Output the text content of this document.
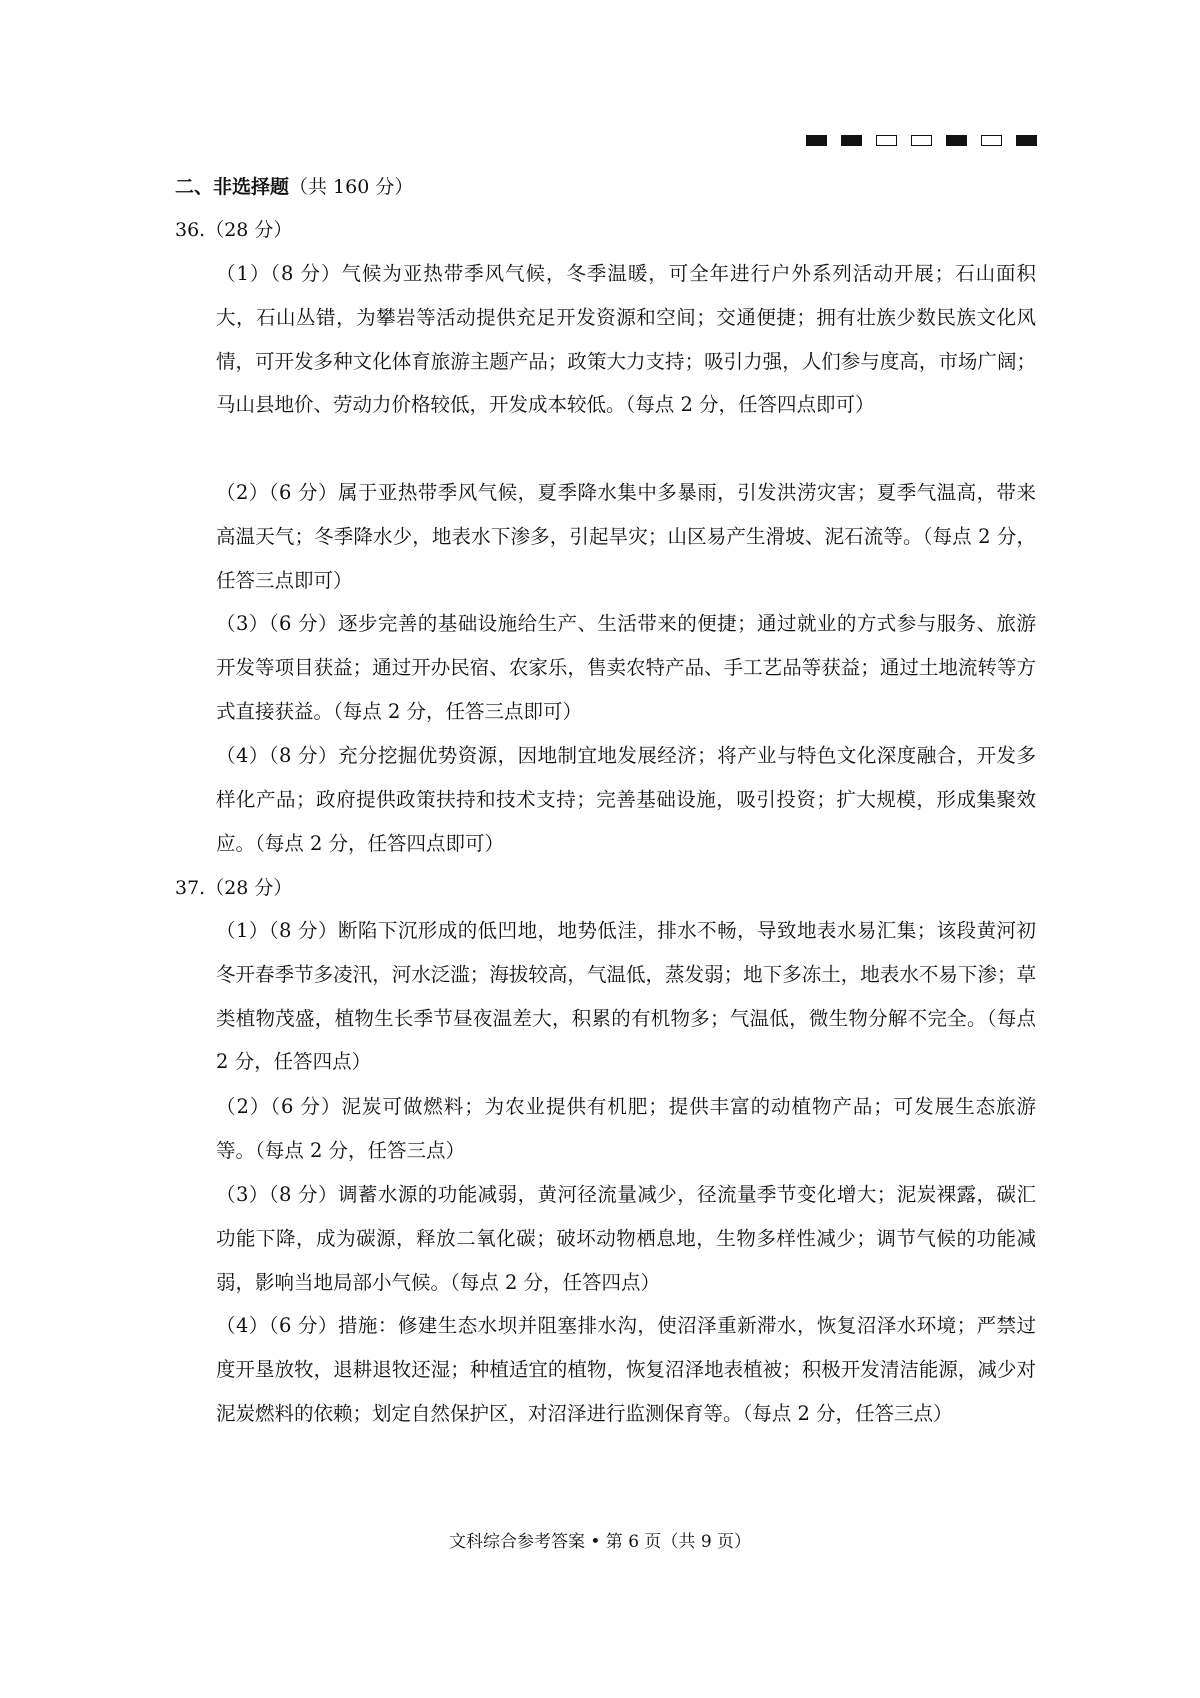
二、非选择题（共 160 分）
36.（28 分）

（1）（8 分）气候为亚热带季风气候，冬季温暖，可全年进行户外系列活动开展；石山面积大，石山丛错，为攀岩等活动提供充足开发资源和空间；交通便捷；拥有壮族少数民族文化风情，可开发多种文化体育旅游主题产品；政策大力支持；吸引力强，人们参与度高，市场广阔；马山县地价、劳动力价格较低，开发成本较低。（每点 2 分，任答四点即可）

（2）（6 分）属于亚热带季风气候，夏季降水集中多暴雨，引发洪涝灾害；夏季气温高，带来高温天气；冬季降水少，地表水下渗多，引起旱灾；山区易产生滑坡、泥石流等。（每点 2 分，任答三点即可）

（3）（6 分）逐步完善的基础设施给生产、生活带来的便捷；通过就业的方式参与服务、旅游开发等项目获益；通过开办民宿、农家乐，售卖农特产品、手工艺品等获益；通过土地流转等方式直接获益。（每点 2 分，任答三点即可）

（4）（8 分）充分挖掘优势资源，因地制宜地发展经济；将产业与特色文化深度融合，开发多样化产品；政府提供政策扶持和技术支持；完善基础设施，吸引投资；扩大规模，形成集聚效应。（每点 2 分，任答四点即可）

37.（28 分）

（1）（8 分）断陷下沉形成的低凹地，地势低洼，排水不畅，导致地表水易汇集；该段黄河初冬开春季节多凌汛，河水泛滥；海拔较高，气温低，蒸发弱；地下多冻土，地表水不易下渗；草类植物茂盛，植物生长季节昼夜温差大，积累的有机物多；气温低，微生物分解不完全。（每点 2 分，任答四点）

（2）（6 分）泥炭可做燃料；为农业提供有机肥；提供丰富的动植物产品；可发展生态旅游等。（每点 2 分，任答三点）

（3）（8 分）调蓄水源的功能减弱，黄河径流量减少，径流量季节变化增大；泥炭裸露，碳汇功能下降，成为碳源，释放二氧化碳；破坏动物栖息地，生物多样性减少；调节气候的功能减弱，影响当地局部小气候。（每点 2 分，任答四点）

（4）（6 分）措施：修建生态水坝并阻塞排水沟，使沼泽重新滞水，恢复沼泽水环境；严禁过度开垦放牧，退耕退牧还湿；种植适宜的植物，恢复沼泽地表植被；积极开发清洁能源，减少对泥炭燃料的依赖；划定自然保护区，对沼泽进行监测保育等。（每点 2 分，任答三点）

文科综合参考答案 • 第 6 页（共 9 页）
